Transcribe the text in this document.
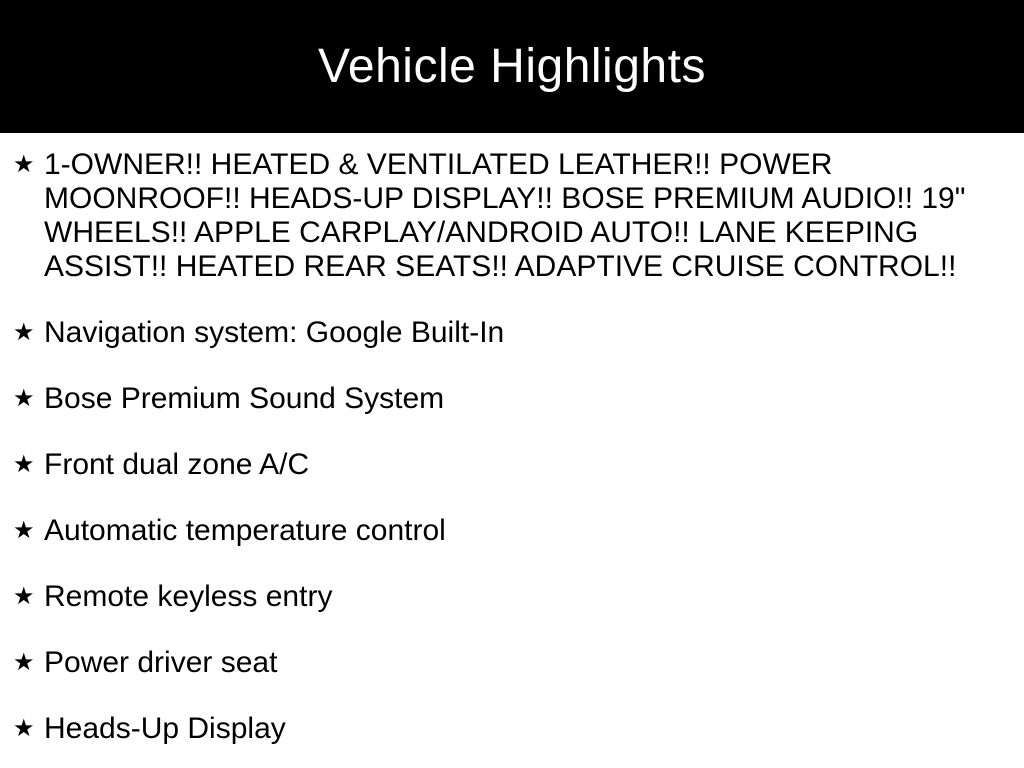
Vehicle Highlights
★ 1-OWNER!! HEATED & VENTILATED LEATHER!! POWER MOONROOF!! HEADS-UP DISPLAY!! BOSE PREMIUM AUDIO!! 19" WHEELS!! APPLE CARPLAY/ANDROID AUTO!! LANE KEEPING ASSIST!! HEATED REAR SEATS!! ADAPTIVE CRUISE CONTROL!!
★ Navigation system: Google Built-In
★ Bose Premium Sound System
★ Front dual zone A/C
★ Automatic temperature control
★ Remote keyless entry
★ Power driver seat
★ Heads-Up Display
